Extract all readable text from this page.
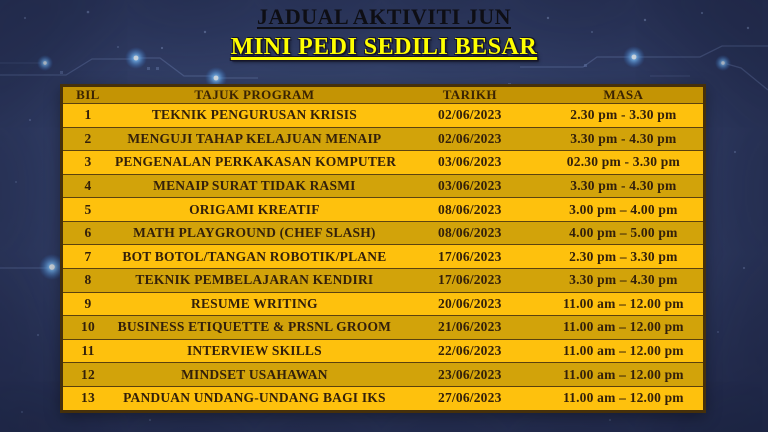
JADUAL AKTIVITI JUN
MINI PEDI SEDILI BESAR
BIL	TAJUK PROGRAM	TARIKH	MASA
1	TEKNIK PENGURUSAN KRISIS	02/06/2023	2.30 pm - 3.30 pm
2	MENGUJI TAHAP KELAJUAN MENAIP	02/06/2023	3.30 pm - 4.30 pm
3	PENGENALAN PERKAKASAN KOMPUTER	03/06/2023	02.30 pm - 3.30 pm
4	MENAIP SURAT TIDAK RASMI	03/06/2023	3.30 pm - 4.30 pm
5	ORIGAMI KREATIF	08/06/2023	3.00 pm – 4.00 pm
6	MATH PLAYGROUND (CHEF SLASH)	08/06/2023	4.00 pm – 5.00 pm
7	BOT BOTOL/TANGAN ROBOTIK/PLANE	17/06/2023	2.30 pm – 3.30 pm
8	TEKNIK PEMBELAJARAN KENDIRI	17/06/2023	3.30 pm – 4.30 pm
9	RESUME WRITING	20/06/2023	11.00 am – 12.00 pm
10	BUSINESS ETIQUETTE & PRSNL GROOM	21/06/2023	11.00 am – 12.00 pm
11	INTERVIEW SKILLS	22/06/2023	11.00 am – 12.00 pm
12	MINDSET USAHAWAN	23/06/2023	11.00 am – 12.00 pm
13	PANDUAN UNDANG-UNDANG BAGI IKS	27/06/2023	11.00 am – 12.00 pm
